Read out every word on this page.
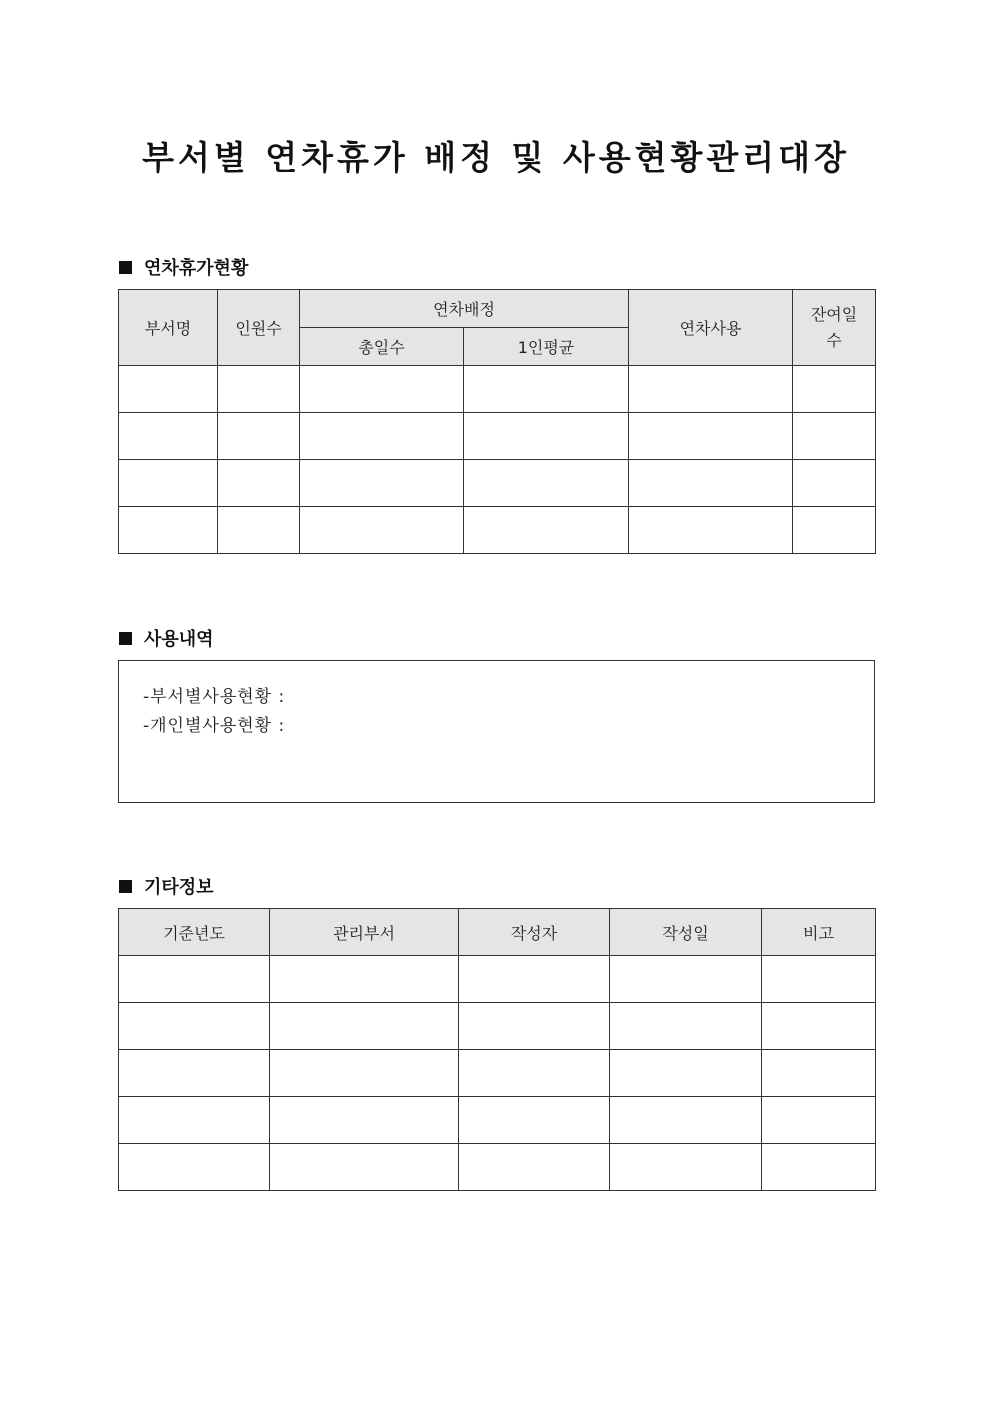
부서별 연차휴가 배정 및 사용현황관리대장
연차휴가현황
부서명	인원수	연차배정		연차사용	잔여일수

		총일수	1인평균		

사용내역
-부서별사용현황 :
-개인별사용현황 :
기타정보
기준년도	관리부서	작성자	작성일	비고
